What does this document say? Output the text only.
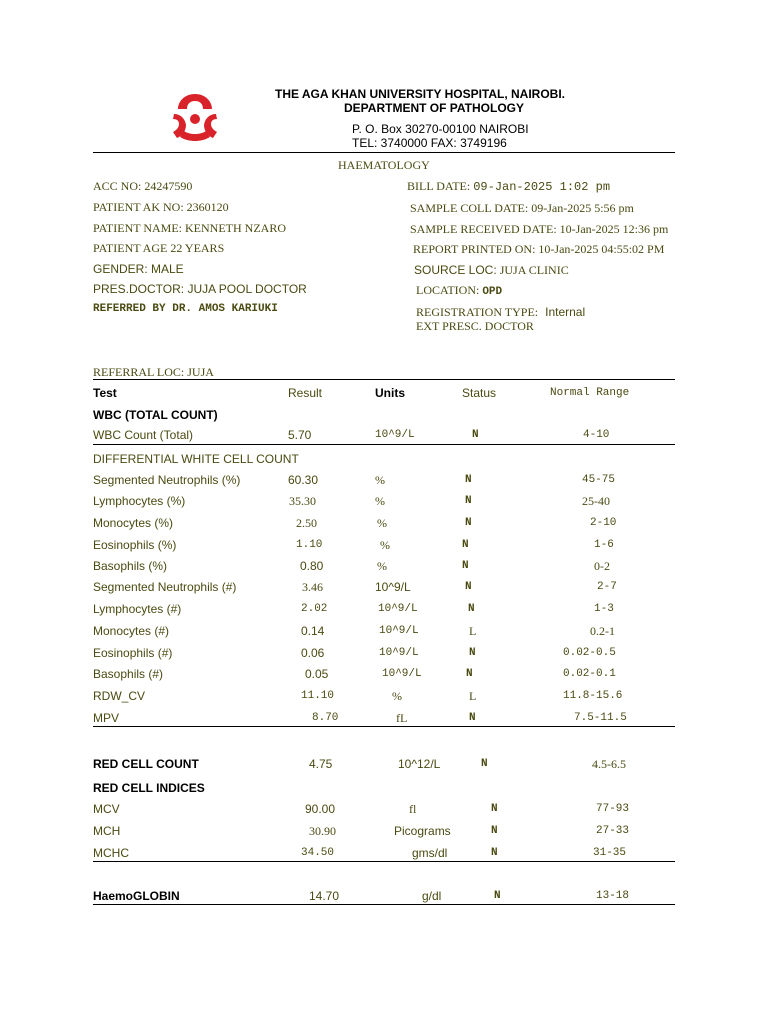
THE AGA KHAN UNIVERSITY HOSPITAL, NAIROBI.
DEPARTMENT OF PATHOLOGY
P. O. Box 30270-00100 NAIROBI
TEL: 3740000 FAX: 3749196
HAEMATOLOGY
ACC NO: 24247590
PATIENT AK NO: 2360120
PATIENT NAME: KENNETH NZARO
PATIENT AGE 22 YEARS
GENDER: MALE
PRES.DOCTOR: JUJA POOL DOCTOR
REFERRED BY DR. AMOS KARIUKI
REFERRAL LOC: JUJA
BILL DATE: 09-Jan-2025 1:02 pm
SAMPLE COLL DATE: 09-Jan-2025 5:56 pm
SAMPLE RECEIVED DATE: 10-Jan-2025 12:36 pm
REPORT PRINTED ON: 10-Jan-2025 04:55:02 PM
SOURCE LOC: JUJA CLINIC
LOCATION: OPD
REGISTRATION TYPE: Internal
EXT PRESC. DOCTOR
Test	Result	Units	Status	Normal Range
WBC (TOTAL COUNT)
WBC Count (Total)	5.70	10^9/L	N	4-10
DIFFERENTIAL WHITE CELL COUNT
Segmented Neutrophils (%)	60.30	%	N	45-75
Lymphocytes (%)	35.30	%	N	25-40
Monocytes (%)	2.50	%	N	2-10
Eosinophils (%)	1.10	%	N	1-6
Basophils (%)	0.80	%	N	0-2
Segmented Neutrophils (#)	3.46	10^9/L	N	2-7
Lymphocytes (#)	2.02	10^9/L	N	1-3
Monocytes (#)	0.14	10^9/L	L	0.2-1
Eosinophils (#)	0.06	10^9/L	N	0.02-0.5
Basophils (#)	0.05	10^9/L	N	0.02-0.1
RDW_CV	11.10	%	L	11.8-15.6
MPV	8.70	fL	N	7.5-11.5
RED CELL COUNT	4.75	10^12/L	N	4.5-6.5
RED CELL INDICES
MCV	90.00	fl	N	77-93
MCH	30.90	Picograms	N	27-33
MCHC	34.50	gms/dl	N	31-35
HaemoGLOBIN	14.70	g/dl	N	13-18
